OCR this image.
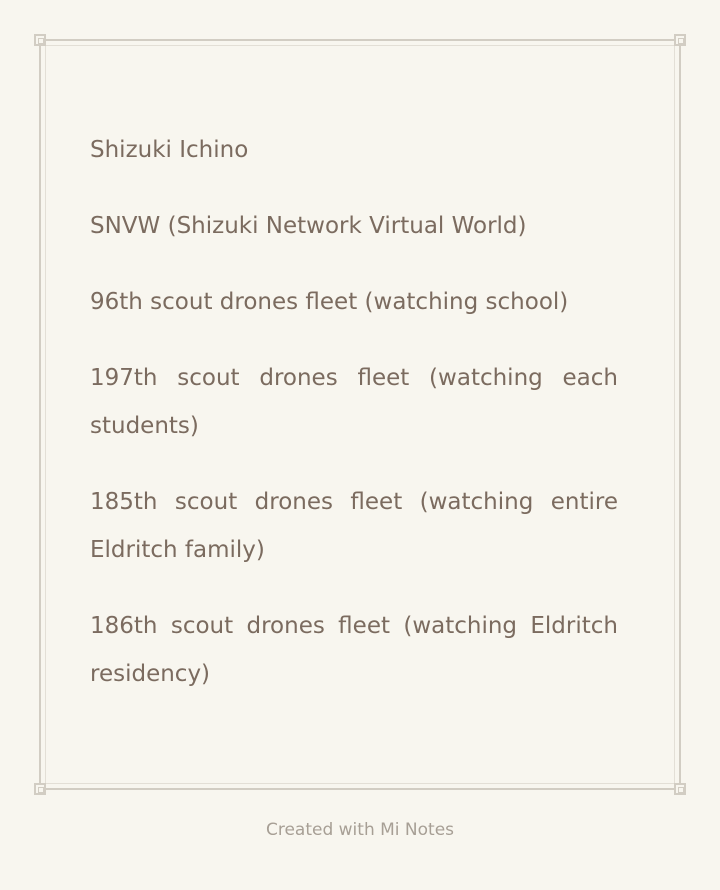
Shizuki Ichino

SNVW (Shizuki Network Virtual World)

96th scout drones fleet (watching school)

197th scout drones fleet (watching each students)

185th scout drones fleet (watching entire Eldritch family)

186th scout drones fleet (watching Eldritch residency)

Created with Mi Notes
